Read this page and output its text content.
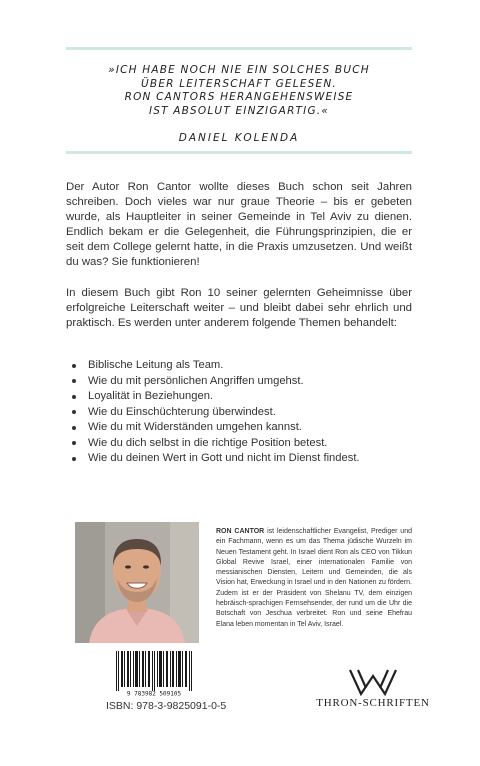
»ICH HABE NOCH NIE EIN SOLCHES BUCH
ÜBER LEITERSCHAFT GELESEN.
RON CANTORS HERANGEHENSWEISE
IST ABSOLUT EINZIGARTIG.«
DANIEL KOLENDA
Der Autor Ron Cantor wollte dieses Buch schon seit Jahren schreiben. Doch vieles war nur graue Theorie – bis er gebeten wurde, als Hauptleiter in seiner Gemeinde in Tel Aviv zu dienen. Endlich bekam er die Gelegenheit, die Führungsprinzipien, die er seit dem College gelernt hatte, in die Praxis umzusetzen. Und weißt du was? Sie funktionieren!
In diesem Buch gibt Ron 10 seiner gelernten Geheimnisse über erfolgreiche Leiterschaft weiter – und bleibt dabei sehr ehrlich und praktisch. Es werden unter anderem folgende Themen behandelt:
Biblische Leitung als Team.
Wie du mit persönlichen Angriffen umgehst.
Loyalität in Beziehungen.
Wie du Einschüchterung überwindest.
Wie du mit Widerständen umgehen kannst.
Wie du dich selbst in die richtige Position betest.
Wie du deinen Wert in Gott und nicht im Dienst findest.
RON CANTOR ist leidenschaftlicher Evangelist, Prediger und ein Fachmann, wenn es um das Thema jüdische Wurzeln im Neuen Testament geht. In Israel dient Ron als CEO von Tikkun Global Revive Israel, einer internationalen Familie von messianischen Diensten, Leitern und Gemeinden, die als Vision hat, Erweckung in Israel und in den Nationen zu fördern. Zudem ist er der Präsident von Shelanu TV, dem einzigen hebräisch-sprachigen Fernsehsender, der rund um die Uhr die Botschaft von Jeschua verbreitet. Ron und seine Ehefrau Elana leben momentan in Tel Aviv, Israel.
9 783982 509105
ISBN: 978-3-9825091-0-5	THRON-SCHRIFTEN
